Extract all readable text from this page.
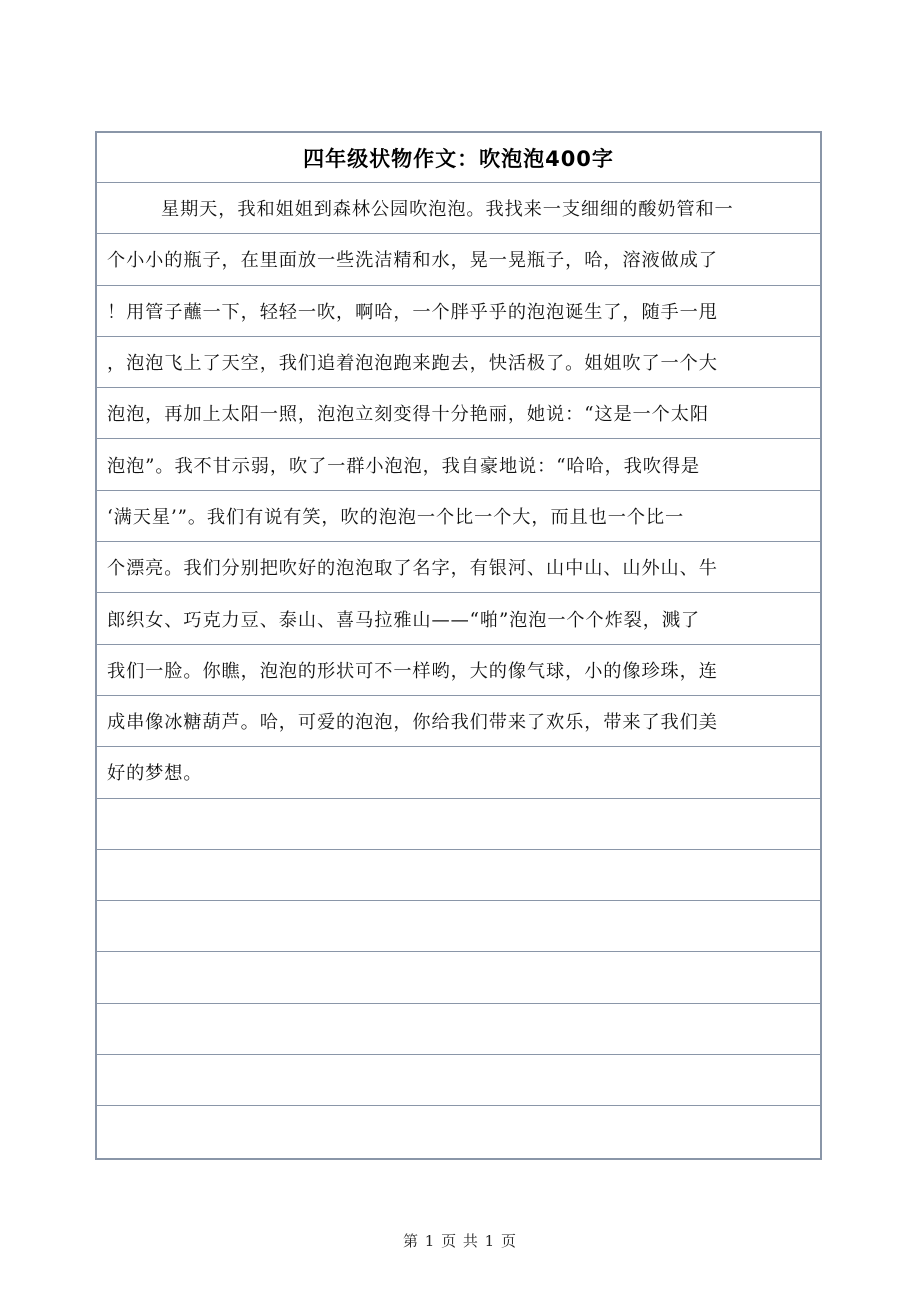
四年级状物作文：吹泡泡400字
星期天，我和姐姐到森林公园吹泡泡。我找来一支细细的酸奶管和一
个小小的瓶子，在里面放一些洗洁精和水，晃一晃瓶子，哈，溶液做成了
！用管子蘸一下，轻轻一吹，啊哈，一个胖乎乎的泡泡诞生了，随手一甩
，泡泡飞上了天空，我们追着泡泡跑来跑去，快活极了。姐姐吹了一个大
泡泡，再加上太阳一照，泡泡立刻变得十分艳丽，她说：“这是一个太阳
泡泡”。我不甘示弱，吹了一群小泡泡，我自豪地说：“哈哈，我吹得是
‘满天星’”。我们有说有笑，吹的泡泡一个比一个大，而且也一个比一
个漂亮。我们分别把吹好的泡泡取了名字，有银河、山中山、山外山、牛
郎织女、巧克力豆、泰山、喜马拉雅山——“啪”泡泡一个个炸裂，溅了
我们一脸。你瞧，泡泡的形状可不一样哟，大的像气球，小的像珍珠，连
成串像冰糖葫芦。哈，可爱的泡泡，你给我们带来了欢乐，带来了我们美
好的梦想。
第 1 页 共 1 页
